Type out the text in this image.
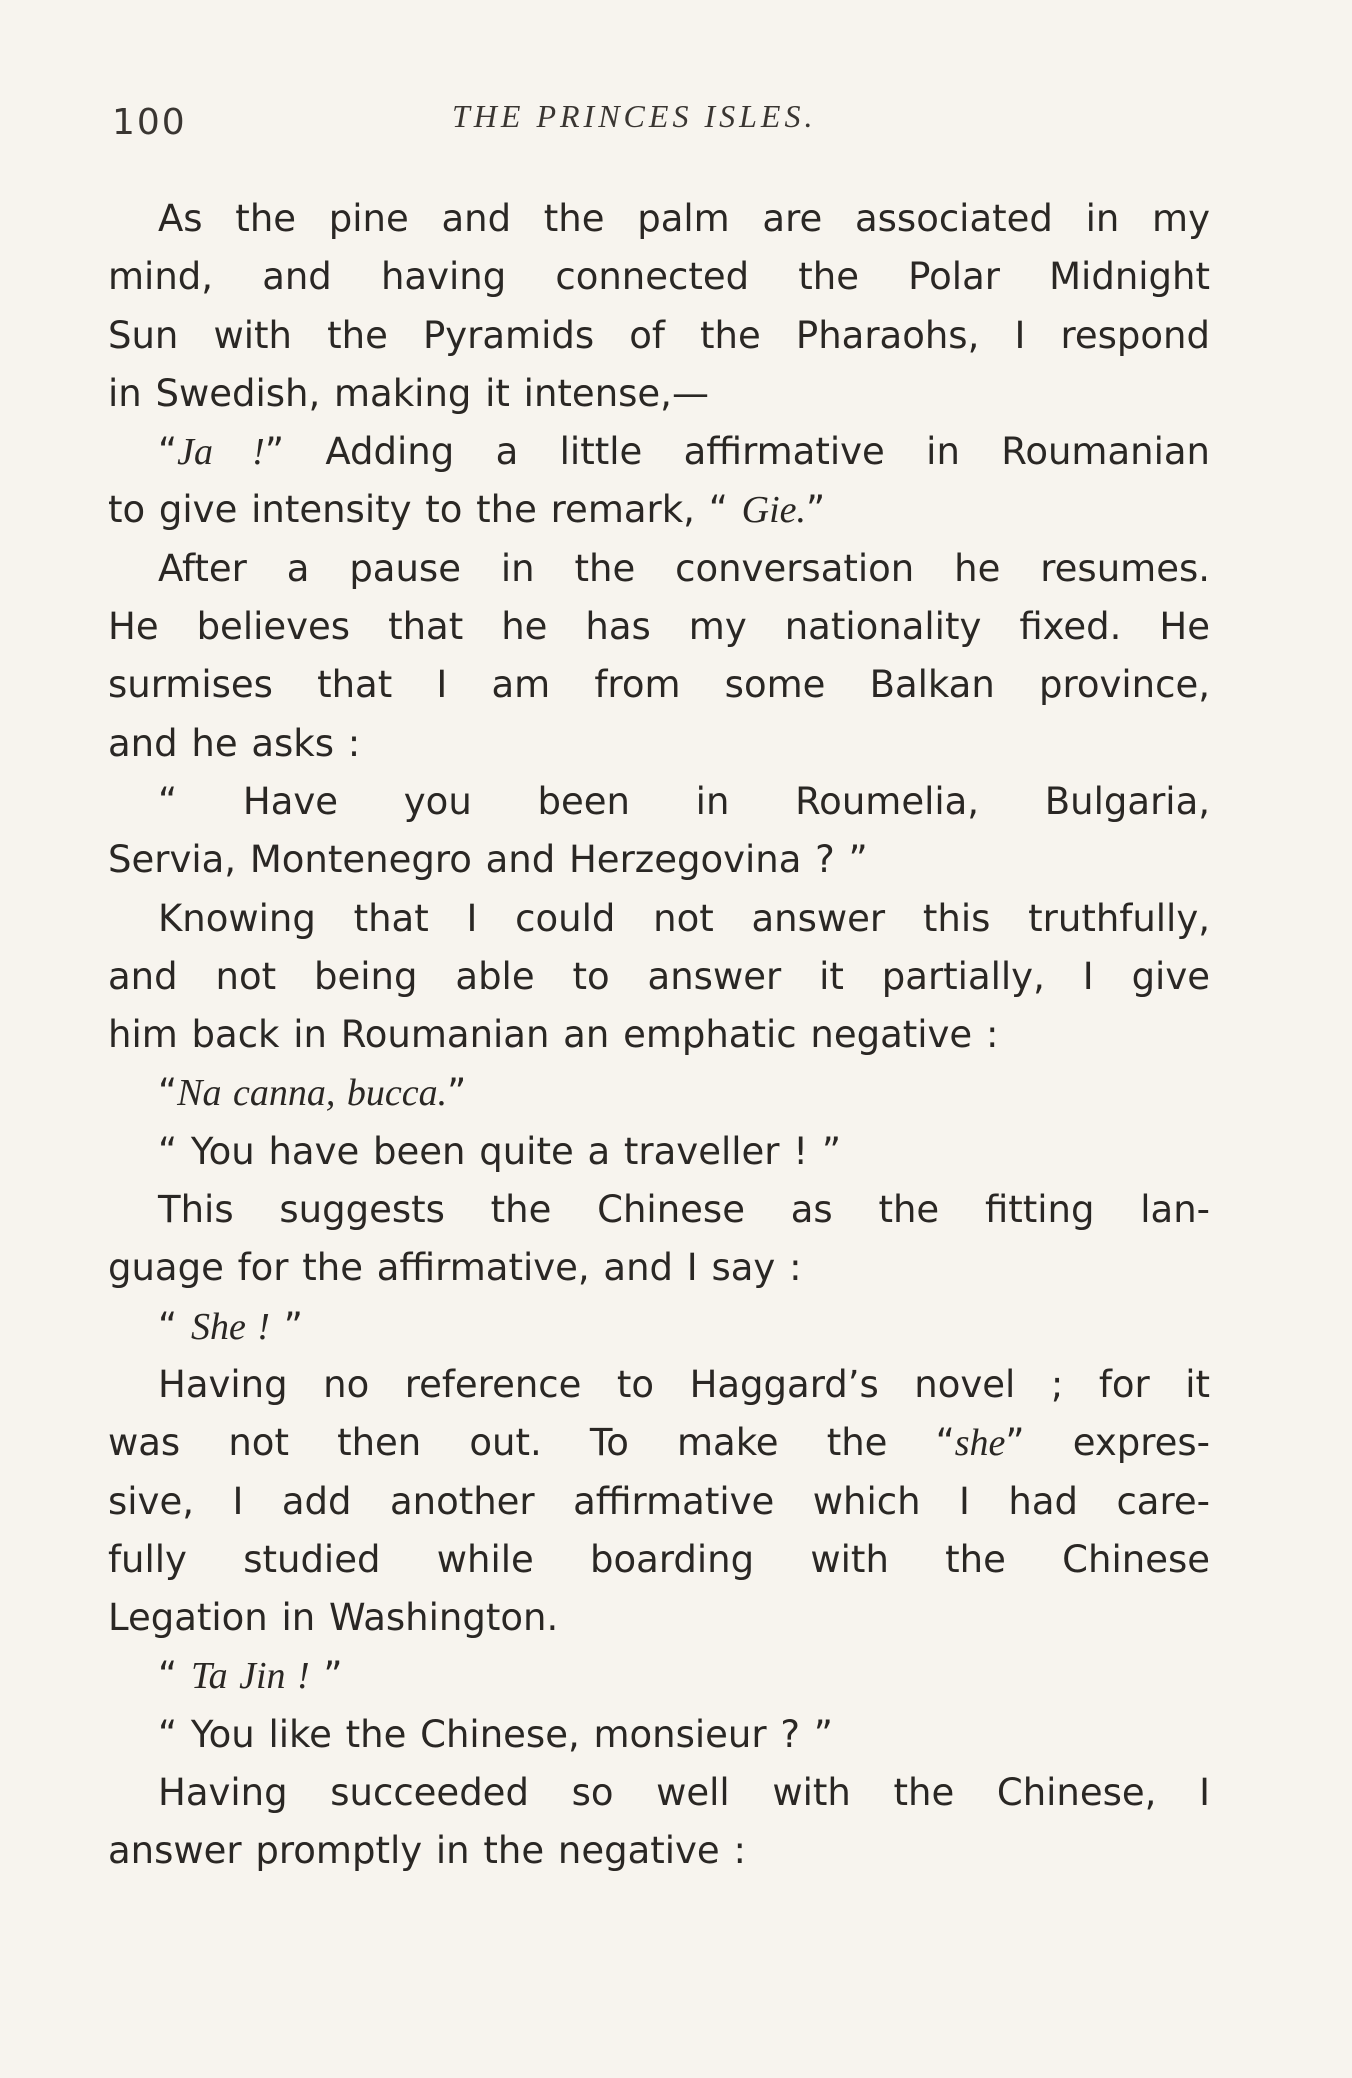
100	THE PRINCES ISLES.
As the pine and the palm are associated in my
mind, and having connected the Polar Midnight
Sun with the Pyramids of the Pharaohs, I respond
in Swedish, making it intense,—
“Ja !” Adding a little affirmative in Roumanian
to give intensity to the remark, “ Gie.”
After a pause in the conversation he resumes.
He believes that he has my nationality fixed. He
surmises that I am from some Balkan province,
and he asks :
“ Have you been in Roumelia, Bulgaria,
Servia, Montenegro and Herzegovina ? ”
Knowing that I could not answer this truthfully,
and not being able to answer it partially, I give
him back in Roumanian an emphatic negative :
“Na canna, bucca.”
“ You have been quite a traveller ! ”
This suggests the Chinese as the fitting lan-
guage for the affirmative, and I say :
“ She ! ”
Having no reference to Haggard’s novel ; for it
was not then out. To make the “she” expres-
sive, I add another affirmative which I had care-
fully studied while boarding with the Chinese
Legation in Washington.
“ Ta Jin ! ”
“ You like the Chinese, monsieur ? ”
Having succeeded so well with the Chinese, I
answer promptly in the negative :
